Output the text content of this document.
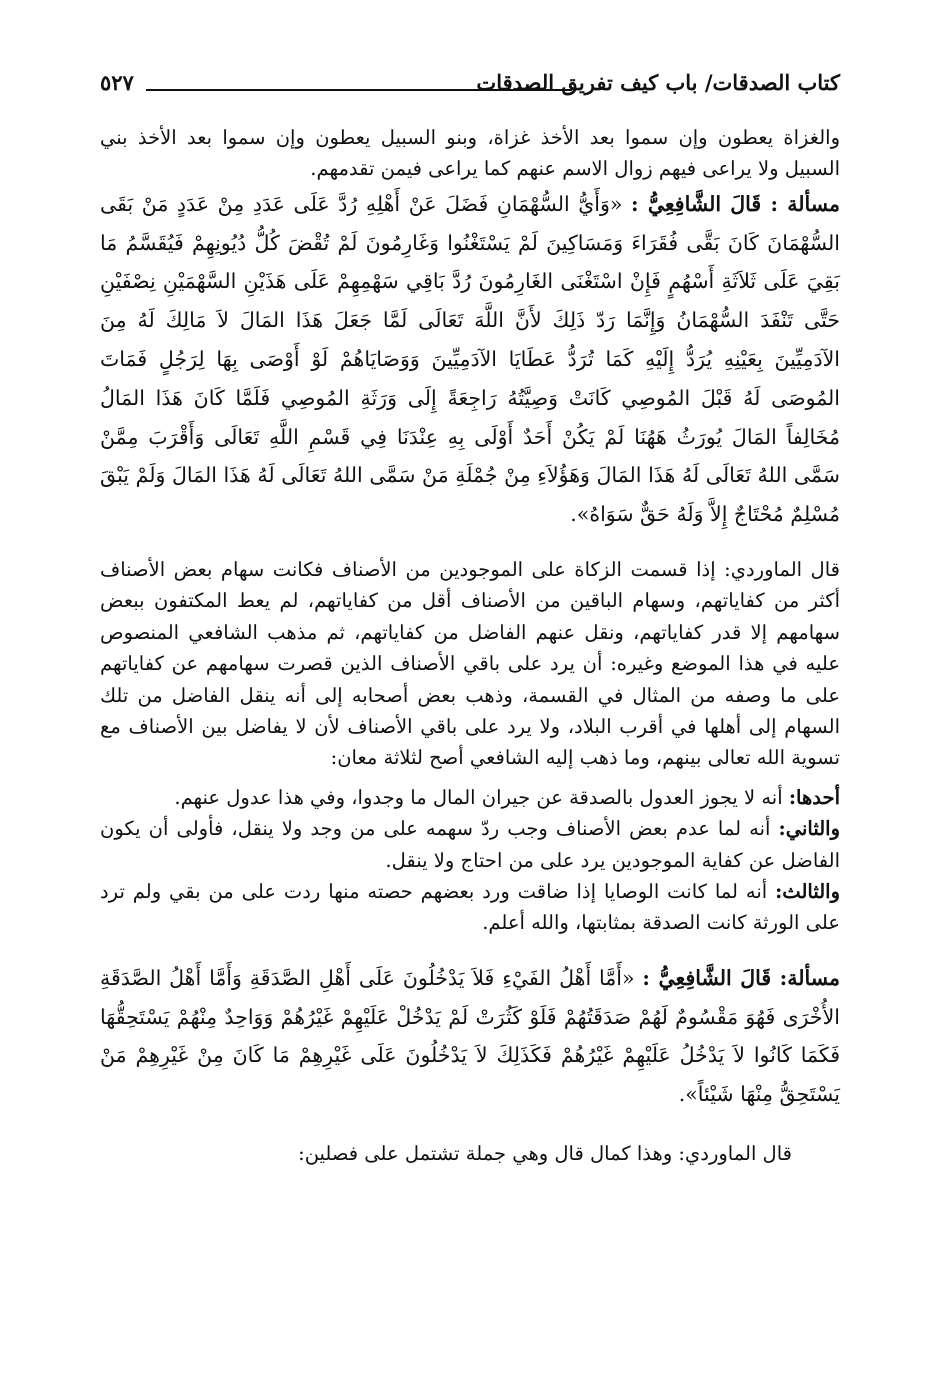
كتاب الصدقات/ باب كيف تفريق الصدقات
٥٢٧

والغزاة يعطون وإن سموا بعد الأخذ غزاة، وبنو السبيل يعطون وإن سموا بعد الأخذ بني السبيل ولا يراعى فيهم زوال الاسم عنهم كما يراعى فيمن تقدمهم.

مسألة : قَالَ الشَّافِعِيُّ : «وَأَيُّ السُّهْمَانِ فَضَلَ عَنْ أَهْلِهِ رُدَّ عَلَى عَدَدِ مِنْ عَدَدٍ مَنْ بَقَى السُّهْمَانَ كَانَ بَقَّى فُقَرَاءَ وَمَسَاكِينَ لَمْ يَسْتَغْنُوا وَغَارِمُونَ لَمْ تُقْضَ كُلُّ دُيُونِهِمْ فَيُقَسَّمُ مَا بَقِيَ عَلَى ثَلاَثَةِ أَسْهُمٍ فَإِنْ اسْتَغْنَى الغَارِمُونَ رُدَّ بَاقِي سَهْمِهِمْ عَلَى هَذَيْنِ السَّهْمَيْنِ نِصْفَيْنِ حَتَّى تَنْفَدَ السُّهْمَانُ وَإِنَّمَا رَدّ ذَلِكَ لأَنَّ اللَّهَ تَعَالَى لَمَّا جَعَلَ هَذَا المَالَ لاَ مَالِكَ لَهُ مِنَ الآدَمِيِّينَ بِعَيْنِهِ يُرَدُّ إِلَيْهِ كَمَا تُرَدُّ عَطَايَا الآدَمِيِّينَ وَوَصَايَاهُمْ لَوْ أَوْصَى بِهَا لِرَجُلٍ فَمَاتَ المُوصَى لَهُ قَبْلَ المُوصِي كَانَتْ وَصِيَّتُهُ رَاجِعَةً إِلَى وَرَثَةِ المُوصِي فَلَمَّا كَانَ هَذَا المَالُ مُخَالِفاً المَالَ يُورَثُ هَهُنَا لَمْ يَكُنْ أَحَدٌ أَوْلَى بِهِ عِنْدَنَا فِي قَسْمِ اللَّهِ تَعَالَى وَأَقْرَبَ مِمَّنْ سَمَّى اللهُ تَعَالَى لَهُ هَذَا المَالَ وَهَؤُلاَءِ مِنْ جُمْلَةِ مَنْ سَمَّى اللهُ تَعَالَى لَهُ هَذَا المَالَ وَلَمْ يَبْقَ مُسْلِمٌ مُحْتَاجٌ إِلاَّ وَلَهُ حَقٌّ سَوَاهُ».

قال الماوردي: إذا قسمت الزكاة على الموجودين من الأصناف فكانت سهام بعض الأصناف أكثر من كفاياتهم، وسهام الباقين من الأصناف أقل من كفاياتهم، لم يعط المكتفون ببعض سهامهم إلا قدر كفاياتهم، ونقل عنهم الفاضل من كفاياتهم، ثم مذهب الشافعي المنصوص عليه في هذا الموضع وغيره: أن يرد على باقي الأصناف الذين قصرت سهامهم عن كفاياتهم على ما وصفه من المثال في القسمة، وذهب بعض أصحابه إلى أنه ينقل الفاضل من تلك السهام إلى أهلها في أقرب البلاد، ولا يرد على باقي الأصناف لأن لا يفاضل بين الأصناف مع تسوية الله تعالى بينهم، وما ذهب إليه الشافعي أصح لثلاثة معان:

أحدها: أنه لا يجوز العدول بالصدقة عن جيران المال ما وجدوا، وفي هذا عدول عنهم.

والثاني: أنه لما عدم بعض الأصناف وجب ردّ سهمه على من وجد ولا ينقل، فأولى أن يكون الفاضل عن كفاية الموجودين يرد على من احتاج ولا ينقل.

والثالث: أنه لما كانت الوصايا إذا ضاقت ورد بعضهم حصته منها ردت على من بقي ولم ترد على الورثة كانت الصدقة بمثابتها، والله أعلم.

مسألة: قَالَ الشَّافِعِيُّ : «أَمَّا أَهْلُ الفَيْءِ فَلاَ يَدْخُلُونَ عَلَى أَهْلِ الصَّدَقَةِ وَأَمَّا أَهْلُ الصَّدَقَةِ الأُخْرَى فَهُوَ مَقْسُومٌ لَهُمْ صَدَقَتُهُمْ فَلَوْ كَثُرَتْ لَمْ يَدْخُلْ عَلَيْهِمْ غَيْرُهُمْ وَوَاحِدٌ مِنْهُمْ يَسْتَحِقُّهَا فَكَمَا كَانُوا لاَ يَدْخُلُ عَلَيْهِمْ غَيْرُهُمْ فَكَذَلِكَ لاَ يَدْخُلُونَ عَلَى غَيْرِهِمْ مَا كَانَ مِنْ غَيْرِهِمْ مَنْ يَسْتَحِقُّ مِنْهَا شَيْئاً».

قال الماوردي: وهذا كمال قال وهي جملة تشتمل على فصلين:
